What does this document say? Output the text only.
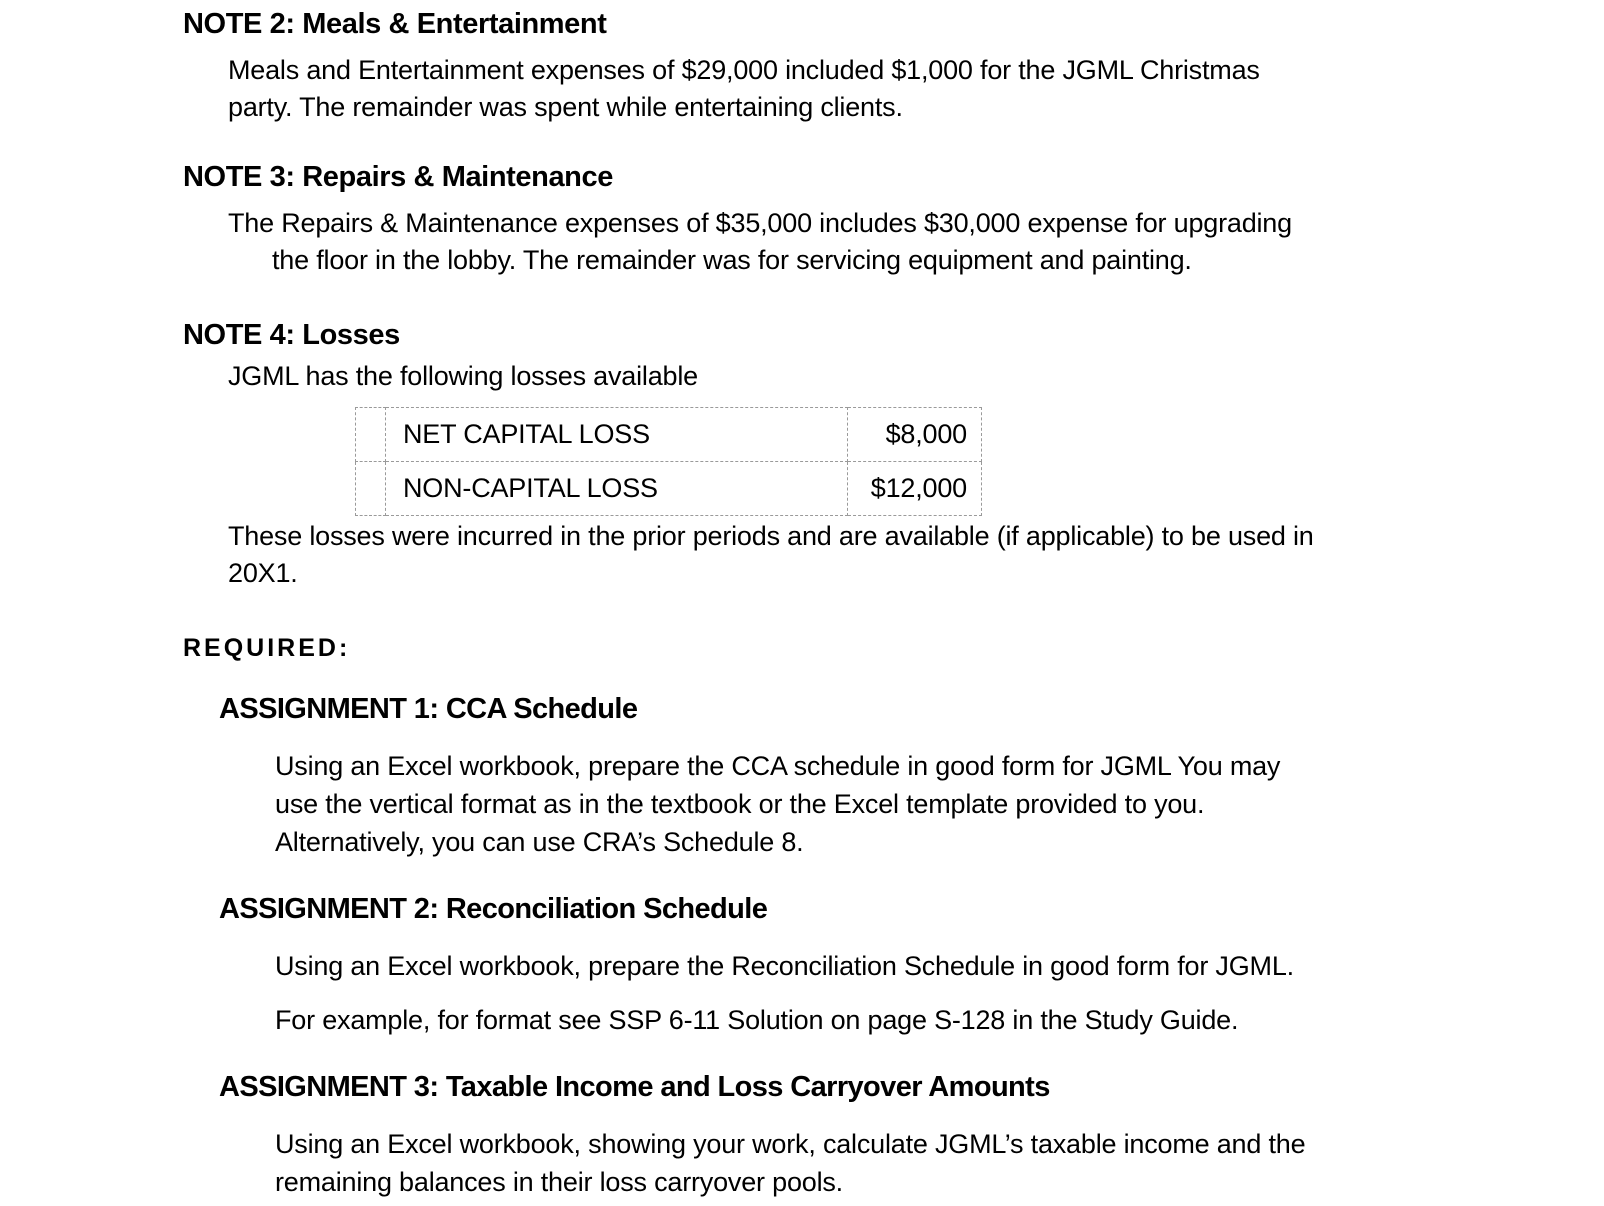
NOTE 2: Meals & Entertainment
Meals and Entertainment expenses of $29,000 included $1,000 for the JGML Christmas
party. The remainder was spent while entertaining clients.
NOTE 3: Repairs & Maintenance
The Repairs & Maintenance expenses of $35,000 includes $30,000 expense for upgrading
the floor in the lobby. The remainder was for servicing equipment and painting.
NOTE 4: Losses
JGML has the following losses available
	NET CAPITAL LOSS	$8,000
	NON-CAPITAL LOSS	$12,000
These losses were incurred in the prior periods and are available (if applicable) to be used in
20X1.
REQUIRED:
ASSIGNMENT 1: CCA Schedule
Using an Excel workbook, prepare the CCA schedule in good form for JGML You may
use the vertical format as in the textbook or the Excel template provided to you.
Alternatively, you can use CRA’s Schedule 8.
ASSIGNMENT 2: Reconciliation Schedule
Using an Excel workbook, prepare the Reconciliation Schedule in good form for JGML.
For example, for format see SSP 6-11 Solution on page S-128 in the Study Guide.
ASSIGNMENT 3: Taxable Income and Loss Carryover Amounts
Using an Excel workbook, showing your work, calculate JGML’s taxable income and the
remaining balances in their loss carryover pools.
